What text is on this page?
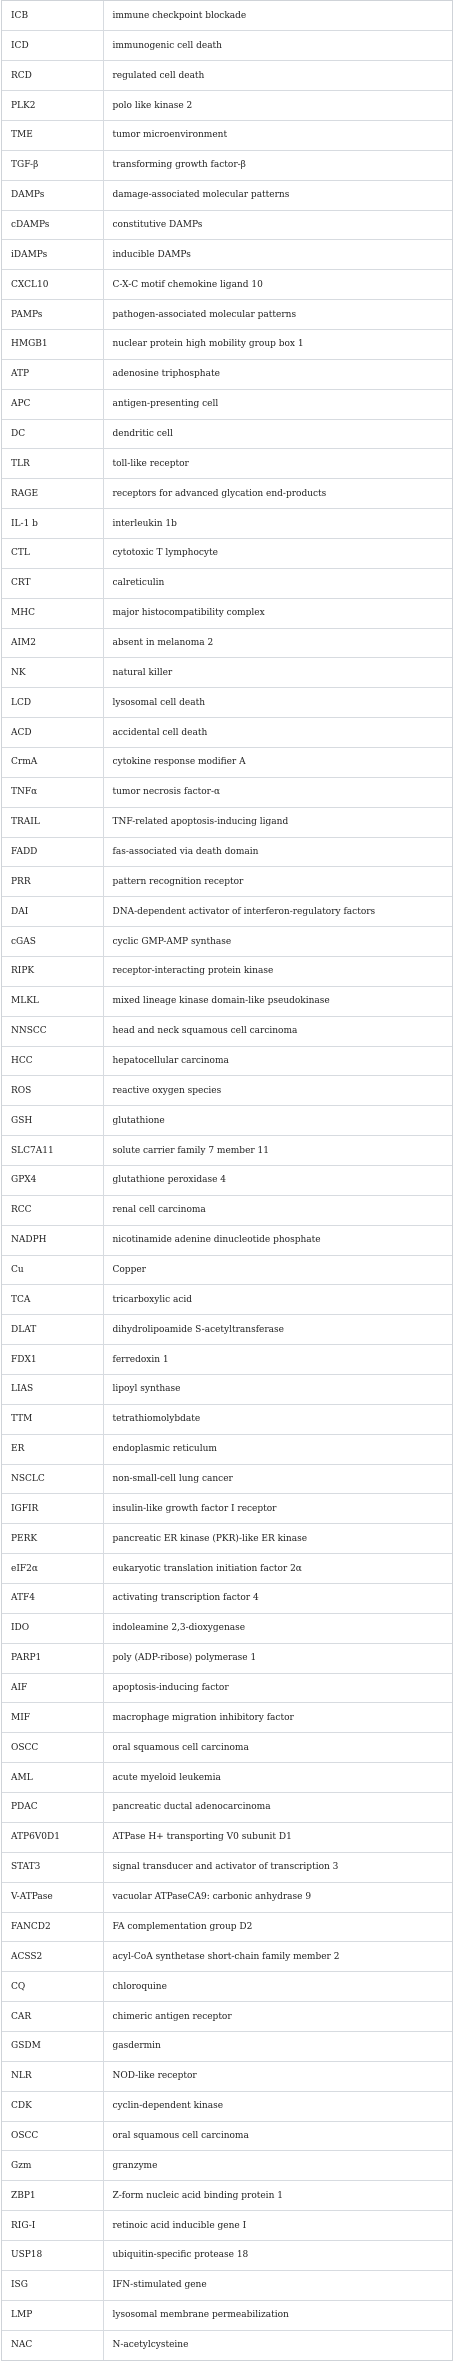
ICB	immune checkpoint blockade
ICD	immunogenic cell death
RCD	regulated cell death
PLK2	polo like kinase 2
TME	tumor microenvironment
TGF-β	transforming growth factor-β
DAMPs	damage-associated molecular patterns
cDAMPs	constitutive DAMPs
iDAMPs	inducible DAMPs
CXCL10	C-X-C motif chemokine ligand 10
PAMPs	pathogen-associated molecular patterns
HMGB1	nuclear protein high mobility group box 1
ATP	adenosine triphosphate
APC	antigen-presenting cell
DC	dendritic cell
TLR	toll-like receptor
RAGE	receptors for advanced glycation end-products
IL-1 b	interleukin 1b
CTL	cytotoxic T lymphocyte
CRT	calreticulin
MHC	major histocompatibility complex
AIM2	absent in melanoma 2
NK	natural killer
LCD	lysosomal cell death
ACD	accidental cell death
CrmA	cytokine response modifier A
TNFα	tumor necrosis factor-α
TRAIL	TNF-related apoptosis-inducing ligand
FADD	fas-associated via death domain
PRR	pattern recognition receptor
DAI	DNA-dependent activator of interferon-regulatory factors
cGAS	cyclic GMP-AMP synthase
RIPK	receptor-interacting protein kinase
MLKL	mixed lineage kinase domain-like pseudokinase
NNSCC	head and neck squamous cell carcinoma
HCC	hepatocellular carcinoma
ROS	reactive oxygen species
GSH	glutathione
SLC7A11	solute carrier family 7 member 11
GPX4	glutathione peroxidase 4
RCC	renal cell carcinoma
NADPH	nicotinamide adenine dinucleotide phosphate
Cu	Copper
TCA	tricarboxylic acid
DLAT	dihydrolipoamide S-acetyltransferase
FDX1	ferredoxin 1
LIAS	lipoyl synthase
TTM	tetrathiomolybdate
ER	endoplasmic reticulum
NSCLC	non-small-cell lung cancer
IGFIR	insulin-like growth factor I receptor
PERK	pancreatic ER kinase (PKR)-like ER kinase
eIF2α	eukaryotic translation initiation factor 2α
ATF4	activating transcription factor 4
IDO	indoleamine 2,3-dioxygenase
PARP1	poly (ADP-ribose) polymerase 1
AIF	apoptosis-inducing factor
MIF	macrophage migration inhibitory factor
OSCC	oral squamous cell carcinoma
AML	acute myeloid leukemia
PDAC	pancreatic ductal adenocarcinoma
ATP6V0D1	ATPase H+ transporting V0 subunit D1
STAT3	signal transducer and activator of transcription 3
V-ATPase	vacuolar ATPaseCA9: carbonic anhydrase 9
FANCD2	FA complementation group D2
ACSS2	acyl-CoA synthetase short-chain family member 2
CQ	chloroquine
CAR	chimeric antigen receptor
GSDM	gasdermin
NLR	NOD-like receptor
CDK	cyclin-dependent kinase
OSCC	oral squamous cell carcinoma
Gzm	granzyme
ZBP1	Z-form nucleic acid binding protein 1
RIG-I	retinoic acid inducible gene I
USP18	ubiquitin-specific protease 18
ISG	IFN-stimulated gene
LMP	lysosomal membrane permeabilization
NAC	N-acetylcysteine
